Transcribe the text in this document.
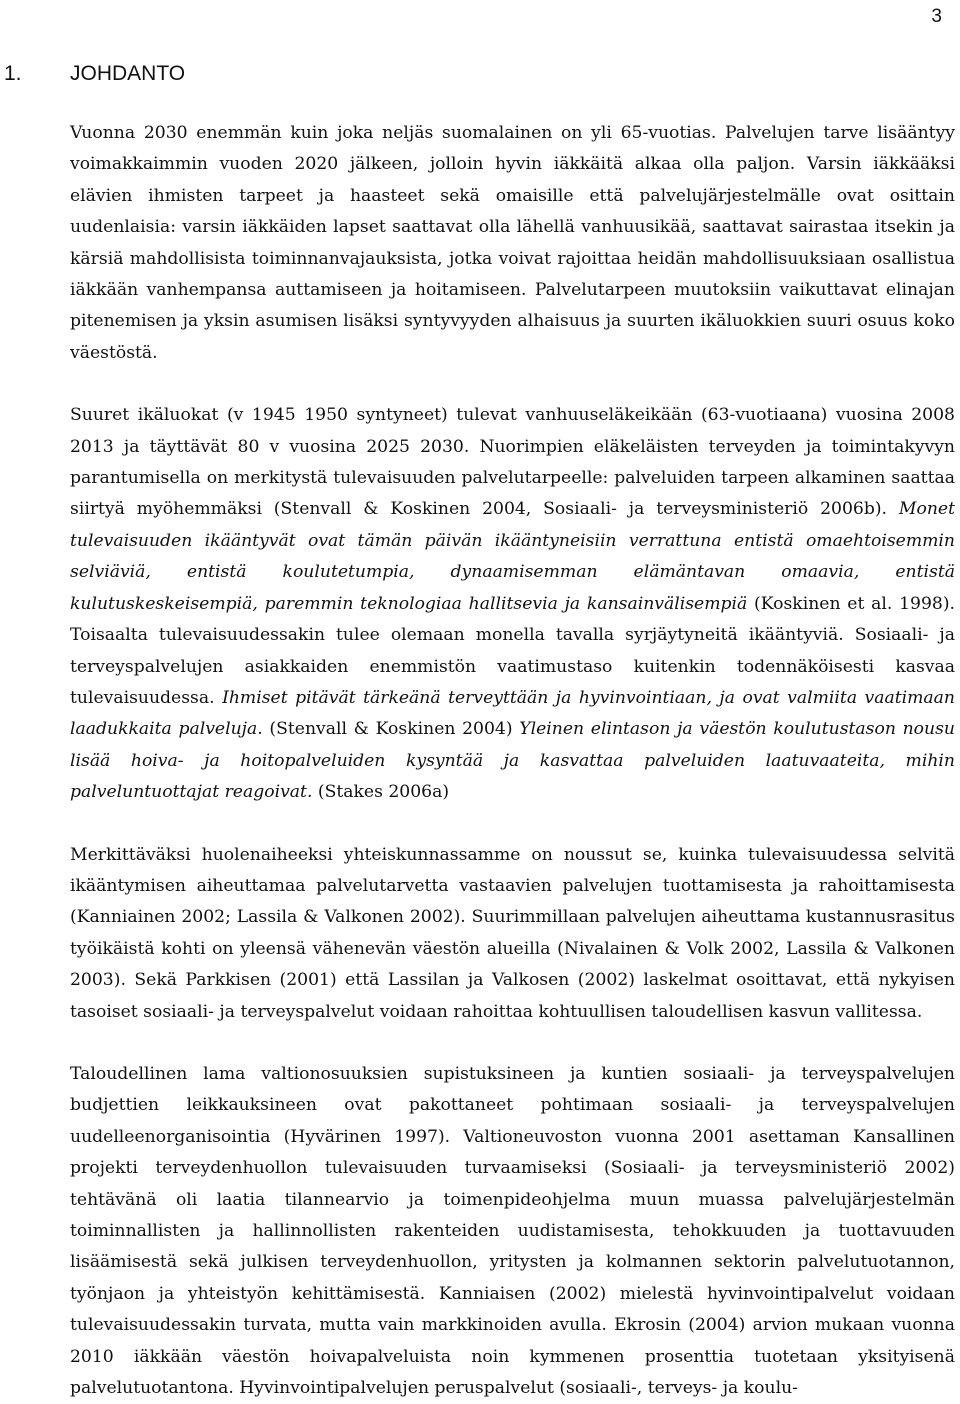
3
1. JOHDANTO

Vuonna 2030 enemmän kuin joka neljäs suomalainen on yli 65-vuotias. Palvelujen tarve lisääntyy voimakkaimmin vuoden 2020 jälkeen, jolloin hyvin iäkkäitä alkaa olla paljon. Varsin iäkkääksi elävien ihmisten tarpeet ja haasteet sekä omaisille että palvelujärjestelmälle ovat osittain uudenlaisia: varsin iäkkäiden lapset saattavat olla lähellä vanhuusikää, saattavat sairastaa itsekin ja kärsiä mahdollisista toiminnanvajauksista, jotka voivat rajoittaa heidän mahdollisuuksiaan osallistua iäkkään vanhempansa auttamiseen ja hoitamiseen. Palvelutarpeen muutoksiin vaikuttavat elinajan pitenemisen ja yksin asumisen lisäksi syntyvyyden alhaisuus ja suurten ikäluokkien suuri osuus koko väestöstä.

Suuret ikäluokat (v 1945 1950 syntyneet) tulevat vanhuuseläkeikään (63-vuotiaana) vuosina 2008 2013 ja täyttävät 80 v vuosina 2025 2030. Nuorimpien eläkeläisten terveyden ja toimintakyvyn parantumisella on merkitystä tulevaisuuden palvelutarpeelle: palveluiden tarpeen alkaminen saattaa siirtyä myöhemmäksi (Stenvall & Koskinen 2004, Sosiaali- ja terveysministeriö 2006b). Monet tulevaisuuden ikääntyvät ovat tämän päivän ikääntyneisiin verrattuna entistä omaehtoisemmin selviäviä, entistä koulutetumpia, dynaamisemman elämäntavan omaavia, entistä kulutuskeskeisempiä, paremmin teknologiaa hallitsevia ja kansainvälisempiä (Koskinen et al. 1998). Toisaalta tulevaisuudessakin tulee olemaan monella tavalla syrjäytyneitä ikääntyviä. Sosiaali- ja terveyspalvelujen asiakkaiden enemmistön vaatimustaso kuitenkin todennäköisesti kasvaa tulevaisuudessa. Ihmiset pitävät tärkeänä terveyttään ja hyvinvointiaan, ja ovat valmiita vaatimaan laadukkaita palveluja. (Stenvall & Koskinen 2004) Yleinen elintason ja väestön koulutustason nousu lisää hoiva- ja hoitopalveluiden kysyntää ja kasvattaa palveluiden laatuvaateita, mihin palveluntuottajat reagoivat. (Stakes 2006a)

Merkittäväksi huolenaiheeksi yhteiskunnassamme on noussut se, kuinka tulevaisuudessa selvitä ikääntymisen aiheuttamaa palvelutarvetta vastaavien palvelujen tuottamisesta ja rahoittamisesta (Kanniainen 2002; Lassila & Valkonen 2002). Suurimmillaan palvelujen aiheuttama kustannusrasitus työikäistä kohti on yleensä vähenevän väestön alueilla (Nivalainen & Volk 2002, Lassila & Valkonen 2003). Sekä Parkkisen (2001) että Lassilan ja Valkosen (2002) laskelmat osoittavat, että nykyisen tasoiset sosiaali- ja terveyspalvelut voidaan rahoittaa kohtuullisen taloudellisen kasvun vallitessa.

Taloudellinen lama valtionosuuksien supistuksineen ja kuntien sosiaali- ja terveyspalvelujen budjettien leikkauksineen ovat pakottaneet pohtimaan sosiaali- ja terveyspalvelujen uudelleenorganisointia (Hyvärinen 1997). Valtioneuvoston vuonna 2001 asettaman Kansallinen projekti terveydenhuollon tulevaisuuden turvaamiseksi (Sosiaali- ja terveysministeriö 2002) tehtävänä oli laatia tilannearvio ja toimenpideohjelma muun muassa palvelujärjestelmän toiminnallisten ja hallinnollisten rakenteiden uudistamisesta, tehokkuuden ja tuottavuuden lisäämisestä sekä julkisen terveydenhuollon, yritysten ja kolmannen sektorin palvelutuotannon, työnjaon ja yhteistyön kehittämisestä. Kanniaisen (2002) mielestä hyvinvointipalvelut voidaan tulevaisuudessakin turvata, mutta vain markkinoiden avulla. Ekrosin (2004) arvion mukaan vuonna 2010 iäkkään väestön hoivapalveluista noin kymmenen prosenttia tuotetaan yksityisenä palvelutuotantona. Hyvinvointipalvelujen peruspalvelut (sosiaali-, terveys- ja koulu-
